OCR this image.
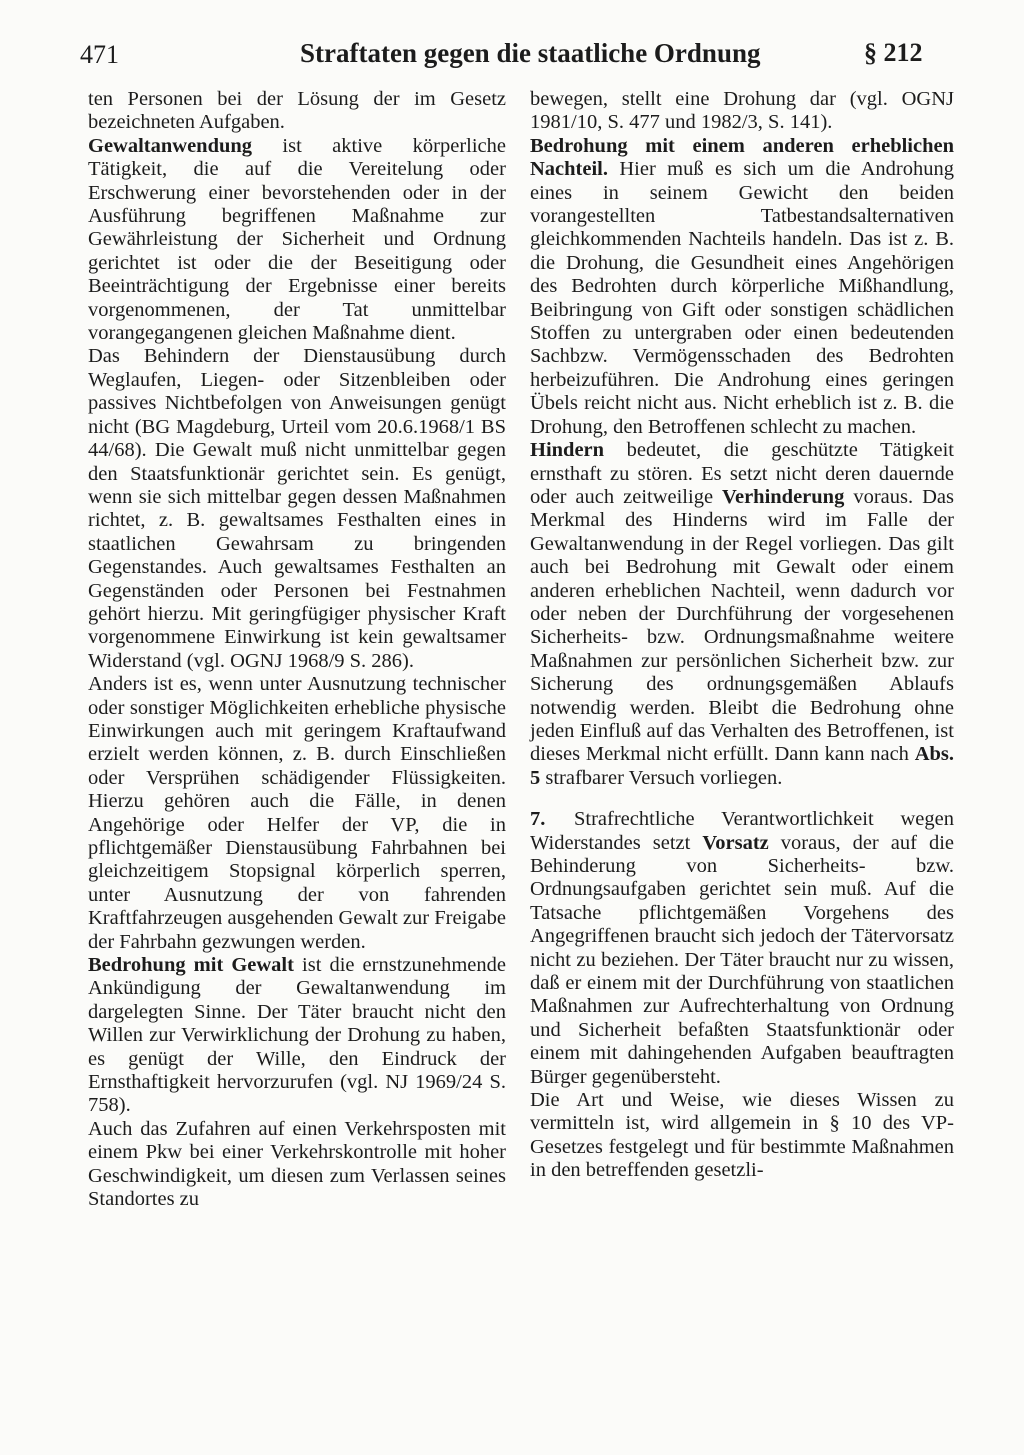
471	Straftaten gegen die staatliche Ordnung	§ 212

ten Personen bei der Lösung der im Gesetz bezeichneten Aufgaben.

Gewaltanwendung ist aktive körperliche Tätigkeit, die auf die Vereitelung oder Erschwerung einer bevorstehenden oder in der Ausführung begriffenen Maßnahme zur Gewährleistung der Sicherheit und Ordnung gerichtet ist oder die der Beseitigung oder Beeinträchtigung der Ergebnisse einer bereits vorgenommenen, der Tat unmittelbar vorangegangenen gleichen Maßnahme dient.

Das Behindern der Dienstausübung durch Weglaufen, Liegen- oder Sitzenbleiben oder passives Nichtbefolgen von Anweisungen genügt nicht (BG Magdeburg, Urteil vom 20.6.1968/1 BS 44/68). Die Gewalt muß nicht unmittelbar gegen den Staatsfunktionär gerichtet sein. Es genügt, wenn sie sich mittelbar gegen dessen Maßnahmen richtet, z. B. gewaltsames Festhalten eines in staatlichen Gewahrsam zu bringenden Gegenstandes. Auch gewaltsames Festhalten an Gegenständen oder Personen bei Festnahmen gehört hierzu. Mit geringfügiger physischer Kraft vorgenommene Einwirkung ist kein gewaltsamer Widerstand (vgl. OGNJ 1968/9 S. 286).

Anders ist es, wenn unter Ausnutzung technischer oder sonstiger Möglichkeiten erhebliche physische Einwirkungen auch mit geringem Kraftaufwand erzielt werden können, z. B. durch Einschließen oder Versprühen schädigender Flüssigkeiten. Hierzu gehören auch die Fälle, in denen Angehörige oder Helfer der VP, die in pflichtgemäßer Dienstausübung Fahrbahnen bei gleichzeitigem Stopsignal körperlich sperren, unter Ausnutzung der von fahrenden Kraftfahrzeugen ausgehenden Gewalt zur Freigabe der Fahrbahn gezwungen werden.

Bedrohung mit Gewalt ist die ernstzunehmende Ankündigung der Gewaltanwendung im dargelegten Sinne. Der Täter braucht nicht den Willen zur Verwirklichung der Drohung zu haben, es genügt der Wille, den Eindruck der Ernsthaftigkeit hervorzurufen (vgl. NJ 1969/24 S. 758).

Auch das Zufahren auf einen Verkehrsposten mit einem Pkw bei einer Verkehrskontrolle mit hoher Geschwindigkeit, um diesen zum Verlassen seines Standortes zu

bewegen, stellt eine Drohung dar (vgl. OGNJ 1981/10, S. 477 und 1982/3, S. 141).

Bedrohung mit einem anderen erheblichen Nachteil. Hier muß es sich um die Androhung eines in seinem Gewicht den beiden vorangestellten Tatbestandsalternativen gleichkommenden Nachteils handeln. Das ist z. B. die Drohung, die Gesundheit eines Angehörigen des Bedrohten durch körperliche Mißhandlung, Beibringung von Gift oder sonstigen schädlichen Stoffen zu untergraben oder einen bedeutenden Sachbzw. Vermögensschaden des Bedrohten herbeizuführen. Die Androhung eines geringen Übels reicht nicht aus. Nicht erheblich ist z. B. die Drohung, den Betroffenen schlecht zu machen.

Hindern bedeutet, die geschützte Tätigkeit ernsthaft zu stören. Es setzt nicht deren dauernde oder auch zeitweilige Verhinderung voraus. Das Merkmal des Hinderns wird im Falle der Gewaltanwendung in der Regel vorliegen. Das gilt auch bei Bedrohung mit Gewalt oder einem anderen erheblichen Nachteil, wenn dadurch vor oder neben der Durchführung der vorgesehenen Sicherheits- bzw. Ordnungsmaßnahme weitere Maßnahmen zur persönlichen Sicherheit bzw. zur Sicherung des ordnungsgemäßen Ablaufs notwendig werden. Bleibt die Bedrohung ohne jeden Einfluß auf das Verhalten des Betroffenen, ist dieses Merkmal nicht erfüllt. Dann kann nach Abs. 5 strafbarer Versuch vorliegen.

7. Strafrechtliche Verantwortlichkeit wegen Widerstandes setzt Vorsatz voraus, der auf die Behinderung von Sicherheits- bzw. Ordnungsaufgaben gerichtet sein muß. Auf die Tatsache pflichtgemäßen Vorgehens des Angegriffenen braucht sich jedoch der Tätervorsatz nicht zu beziehen. Der Täter braucht nur zu wissen, daß er einem mit der Durchführung von staatlichen Maßnahmen zur Aufrechterhaltung von Ordnung und Sicherheit befaßten Staatsfunktionär oder einem mit dahingehenden Aufgaben beauftragten Bürger gegenübersteht.

Die Art und Weise, wie dieses Wissen zu vermitteln ist, wird allgemein in § 10 des VP-Gesetzes festgelegt und für bestimmte Maßnahmen in den betreffenden gesetzli-
